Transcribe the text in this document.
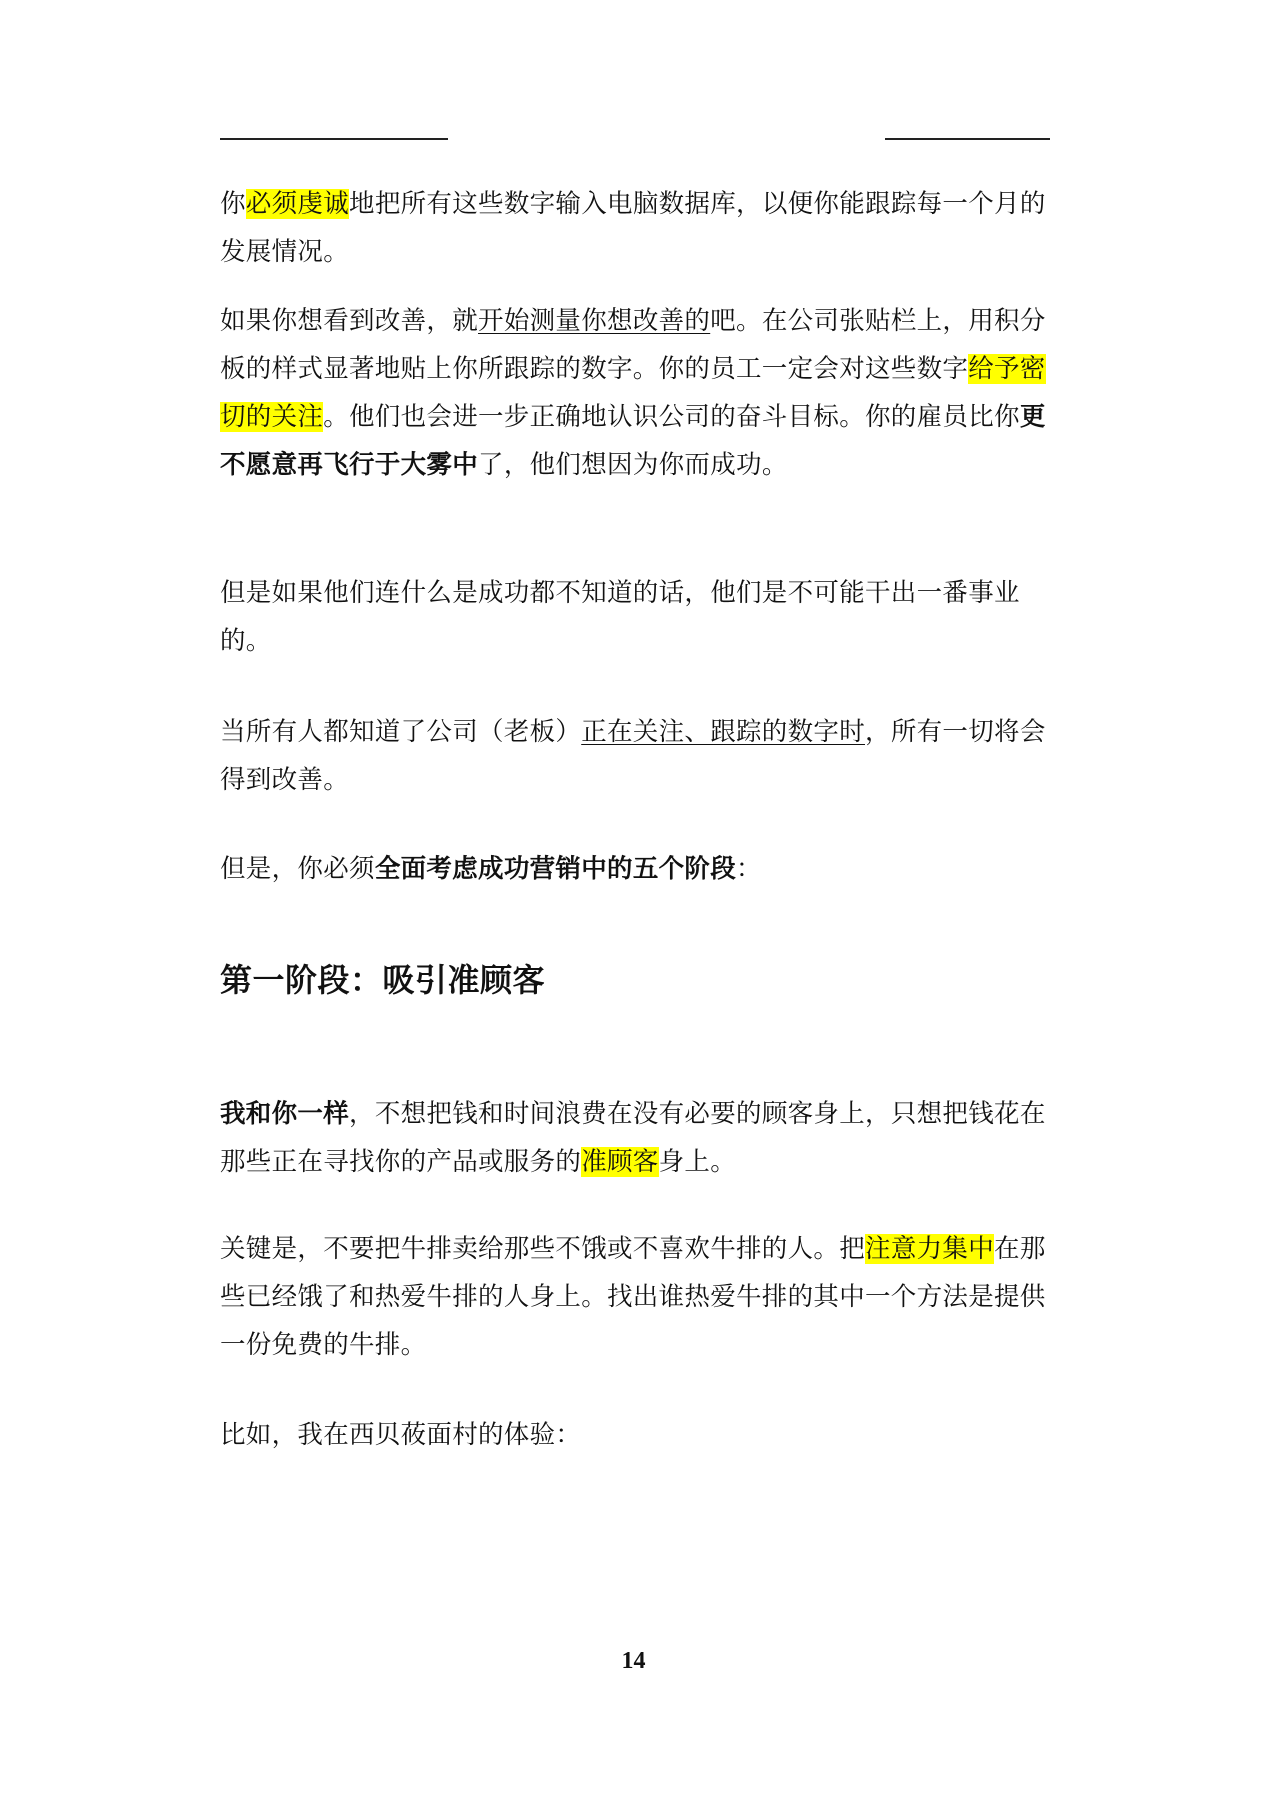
你必须虔诚地把所有这些数字输入电脑数据库，以便你能跟踪每一个月的发展情况。

如果你想看到改善，就开始测量你想改善的吧。在公司张贴栏上，用积分板的样式显著地贴上你所跟踪的数字。你的员工一定会对这些数字给予密切的关注。他们也会进一步正确地认识公司的奋斗目标。你的雇员比你更不愿意再飞行于大雾中了，他们想因为你而成功。

但是如果他们连什么是成功都不知道的话，他们是不可能干出一番事业的。

当所有人都知道了公司（老板）正在关注、跟踪的数字时，所有一切将会得到改善。

但是，你必须全面考虑成功营销中的五个阶段：

第一阶段：吸引准顾客

我和你一样，不想把钱和时间浪费在没有必要的顾客身上，只想把钱花在那些正在寻找你的产品或服务的准顾客身上。

关键是，不要把牛排卖给那些不饿或不喜欢牛排的人。把注意力集中在那些已经饿了和热爱牛排的人身上。找出谁热爱牛排的其中一个方法是提供一份免费的牛排。

比如，我在西贝莜面村的体验：

14
